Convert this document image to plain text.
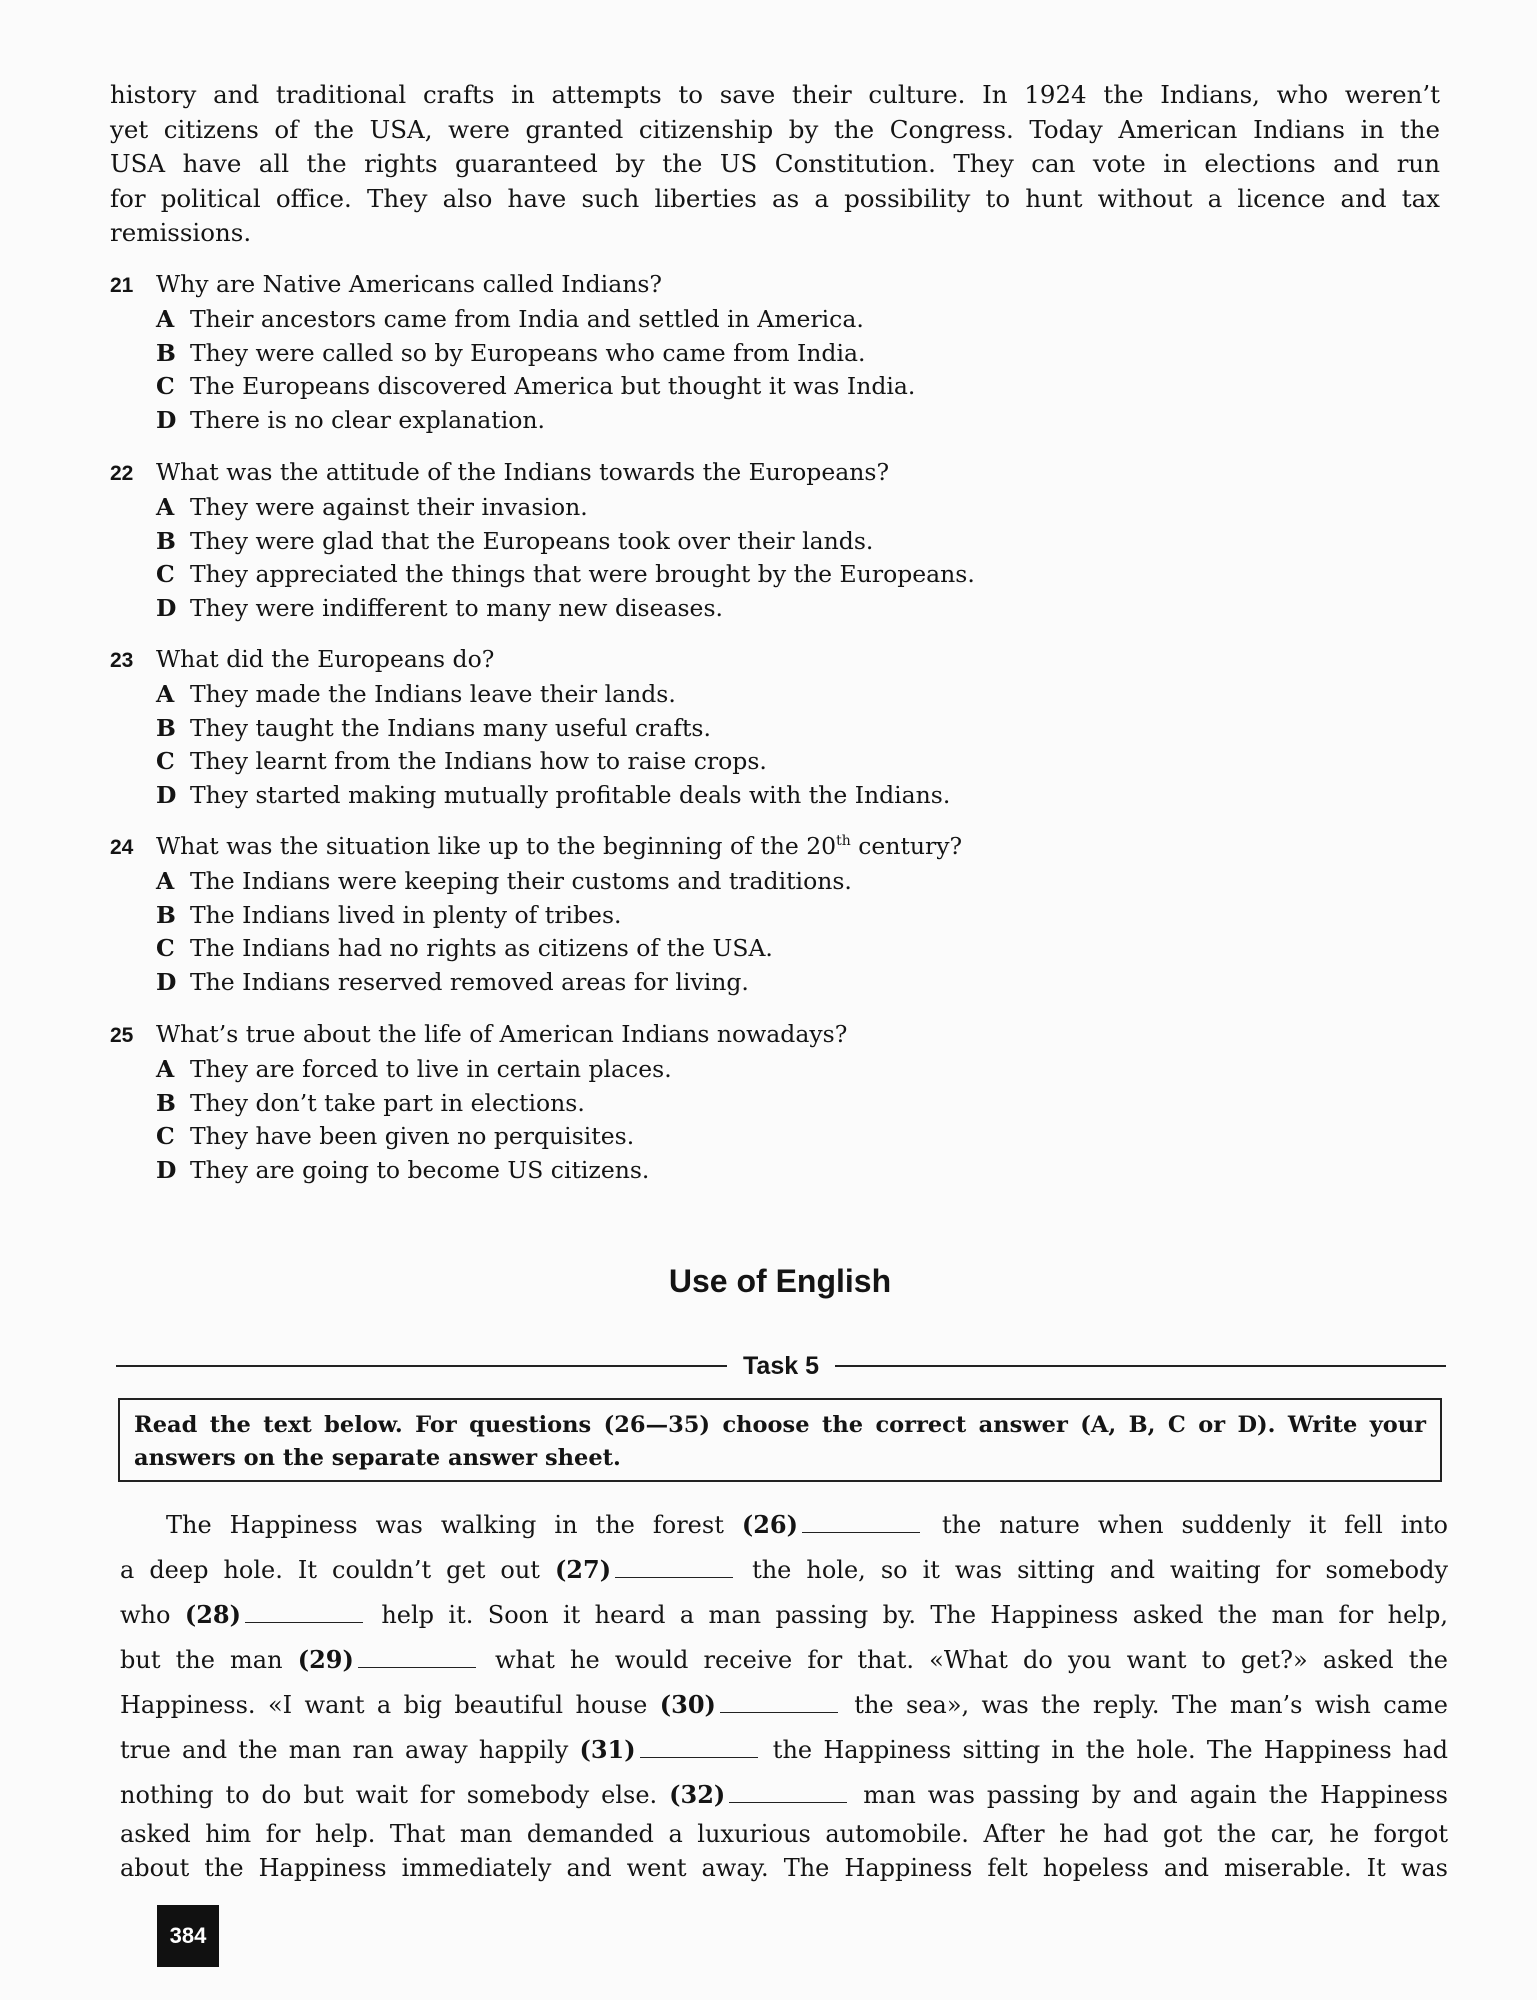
history and traditional crafts in attempts to save their culture. In 1924 the Indians, who weren’t
yet citizens of the USA, were granted citizenship by the Congress. Today American Indians in the
USA have all the rights guaranteed by the US Constitution. They can vote in elections and run
for political office. They also have such liberties as a possibility to hunt without a licence and tax
remissions.
21 Why are Native Americans called Indians?
A Their ancestors came from India and settled in America.
B They were called so by Europeans who came from India.
C The Europeans discovered America but thought it was India.
D There is no clear explanation.
22 What was the attitude of the Indians towards the Europeans?
A They were against their invasion.
B They were glad that the Europeans took over their lands.
C They appreciated the things that were brought by the Europeans.
D They were indifferent to many new diseases.
23 What did the Europeans do?
A They made the Indians leave their lands.
B They taught the Indians many useful crafts.
C They learnt from the Indians how to raise crops.
D They started making mutually profitable deals with the Indians.
24 What was the situation like up to the beginning of the 20th century?
A The Indians were keeping their customs and traditions.
B The Indians lived in plenty of tribes.
C The Indians had no rights as citizens of the USA.
D The Indians reserved removed areas for living.
25 What’s true about the life of American Indians nowadays?
A They are forced to live in certain places.
B They don’t take part in elections.
C They have been given no perquisites.
D They are going to become US citizens.
Use of English
Task 5
Read the text below. For questions (26—35) choose the correct answer (A, B, C or D). Write your
answers on the separate answer sheet.
The Happiness was walking in the forest (26)	the nature when suddenly it fell into
a deep hole. It couldn’t get out (27)	the hole, so it was sitting and waiting for somebody
who (28)	help it. Soon it heard a man passing by. The Happiness asked the man for help,
but the man (29)	what he would receive for that. «What do you want to get?» asked the
Happiness. «I want a big beautiful house (30)	the sea», was the reply. The man’s wish came
true and the man ran away happily (31)	the Happiness sitting in the hole. The Happiness had
nothing to do but wait for somebody else. (32)	man was passing by and again the Happiness
asked him for help. That man demanded a luxurious automobile. After he had got the car, he forgot
about the Happiness immediately and went away. The Happiness felt hopeless and miserable. It was
384
